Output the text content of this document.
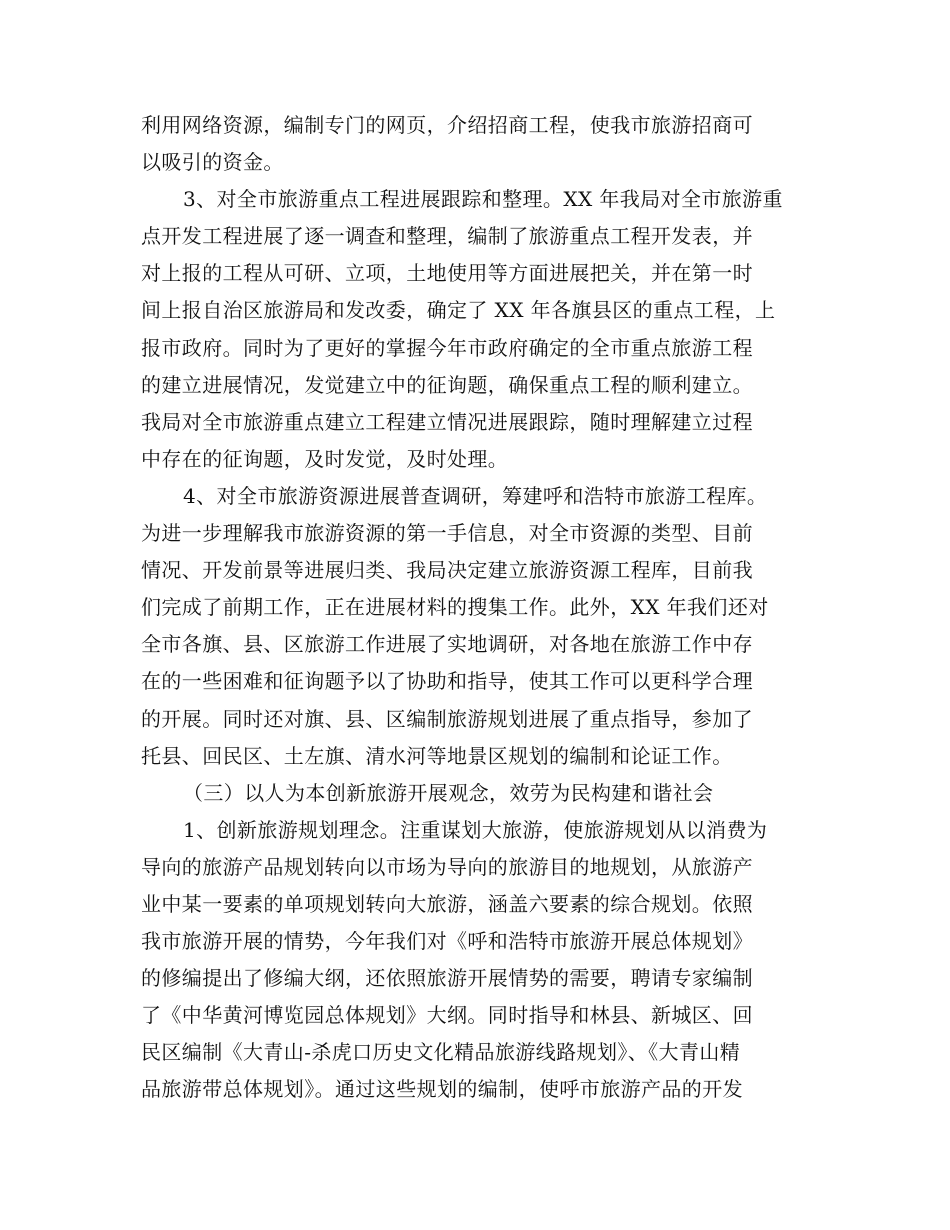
利用网络资源，编制专门的网页，介绍招商工程，使我市旅游招商可
以吸引的资金。
3、对全市旅游重点工程进展跟踪和整理。XX 年我局对全市旅游重
点开发工程进展了逐一调查和整理，编制了旅游重点工程开发表，并
对上报的工程从可研、立项，土地使用等方面进展把关，并在第一时
间上报自治区旅游局和发改委，确定了 XX 年各旗县区的重点工程，上
报市政府。同时为了更好的掌握今年市政府确定的全市重点旅游工程
的建立进展情况，发觉建立中的征询题，确保重点工程的顺利建立。
我局对全市旅游重点建立工程建立情况进展跟踪，随时理解建立过程
中存在的征询题，及时发觉，及时处理。
4、对全市旅游资源进展普查调研，筹建呼和浩特市旅游工程库。
为进一步理解我市旅游资源的第一手信息，对全市资源的类型、目前
情况、开发前景等进展归类、我局决定建立旅游资源工程库，目前我
们完成了前期工作，正在进展材料的搜集工作。此外，XX 年我们还对
全市各旗、县、区旅游工作进展了实地调研，对各地在旅游工作中存
在的一些困难和征询题予以了协助和指导，使其工作可以更科学合理
的开展。同时还对旗、县、区编制旅游规划进展了重点指导，参加了
托县、回民区、土左旗、清水河等地景区规划的编制和论证工作。
（三）以人为本创新旅游开展观念，效劳为民构建和谐社会
1、创新旅游规划理念。注重谋划大旅游，使旅游规划从以消费为
导向的旅游产品规划转向以市场为导向的旅游目的地规划，从旅游产
业中某一要素的单项规划转向大旅游，涵盖六要素的综合规划。依照
我市旅游开展的情势，今年我们对《呼和浩特市旅游开展总体规划》
的修编提出了修编大纲，还依照旅游开展情势的需要，聘请专家编制
了《中华黄河博览园总体规划》大纲。同时指导和林县、新城区、回
民区编制《大青山-杀虎口历史文化精品旅游线路规划》、《大青山精
品旅游带总体规划》。通过这些规划的编制，使呼市旅游产品的开发
